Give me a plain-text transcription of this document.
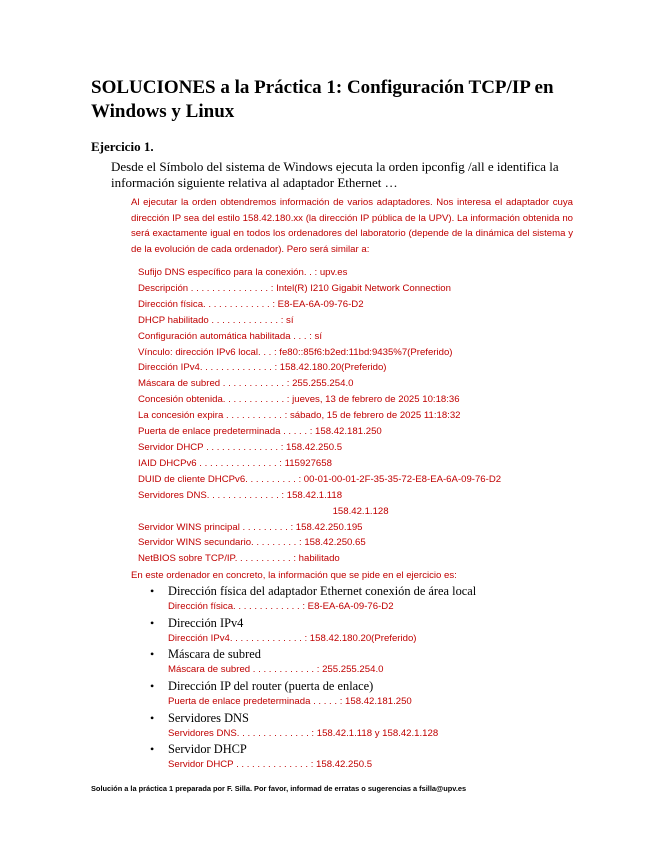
SOLUCIONES a la Práctica 1: Configuración TCP/IP en Windows y Linux
Ejercicio 1.

Desde el Símbolo del sistema de Windows ejecuta la orden ipconfig /all e identifica la información siguiente relativa al adaptador Ethernet …

Al ejecutar la orden obtendremos información de varios adaptadores. Nos interesa el adaptador cuya dirección IP sea del estilo 158.42.180.xx (la dirección IP pública de la UPV). La información obtenida no será exactamente igual en todos los ordenadores del laboratorio (depende de la dinámica del sistema y de la evolución de cada ordenador). Pero será similar a:

Sufijo DNS específico para la conexión. . : upv.es
Descripción . . . . . . . . . . . . . . . : Intel(R) I210 Gigabit Network Connection
Dirección física. . . . . . . . . . . . . : E8-EA-6A-09-76-D2
DHCP habilitado . . . . . . . . . . . . . : sí
Configuración automática habilitada . . . : sí
Vínculo: dirección IPv6 local. . . : fe80::85f6:b2ed:11bd:9435%7(Preferido)
Dirección IPv4. . . . . . . . . . . . . . : 158.42.180.20(Preferido)
Máscara de subred . . . . . . . . . . . . : 255.255.254.0
Concesión obtenida. . . . . . . . . . . . : jueves, 13 de febrero de 2025 10:18:36
La concesión expira . . . . . . . . . . . : sábado, 15 de febrero de 2025 11:18:32
Puerta de enlace predeterminada . . . . . : 158.42.181.250
Servidor DHCP . . . . . . . . . . . . . . : 158.42.250.5
IAID DHCPv6 . . . . . . . . . . . . . . . : 115927658
DUID de cliente DHCPv6. . . . . . . . . . : 00-01-00-01-2F-35-35-72-E8-EA-6A-09-76-D2
Servidores DNS. . . . . . . . . . . . . . : 158.42.1.118
158.42.1.128
Servidor WINS principal . . . . . . . . . : 158.42.250.195
Servidor WINS secundario. . . . . . . . . : 158.42.250.65
NetBIOS sobre TCP/IP. . . . . . . . . . . : habilitado

En este ordenador en concreto, la información que se pide en el ejercicio es:

• Dirección física del adaptador Ethernet conexión de área local
Dirección física. . . . . . . . . . . . . : E8-EA-6A-09-76-D2
• Dirección IPv4
Dirección IPv4. . . . . . . . . . . . . . : 158.42.180.20(Preferido)
• Máscara de subred
Máscara de subred . . . . . . . . . . . . : 255.255.254.0
• Dirección IP del router (puerta de enlace)
Puerta de enlace predeterminada . . . . . : 158.42.181.250
• Servidores DNS
Servidores DNS. . . . . . . . . . . . . . : 158.42.1.118 y 158.42.1.128
• Servidor DHCP
Servidor DHCP . . . . . . . . . . . . . . : 158.42.250.5

Solución a la práctica 1 preparada por F. Silla. Por favor, informad de erratas o sugerencias a fsilla@upv.es
